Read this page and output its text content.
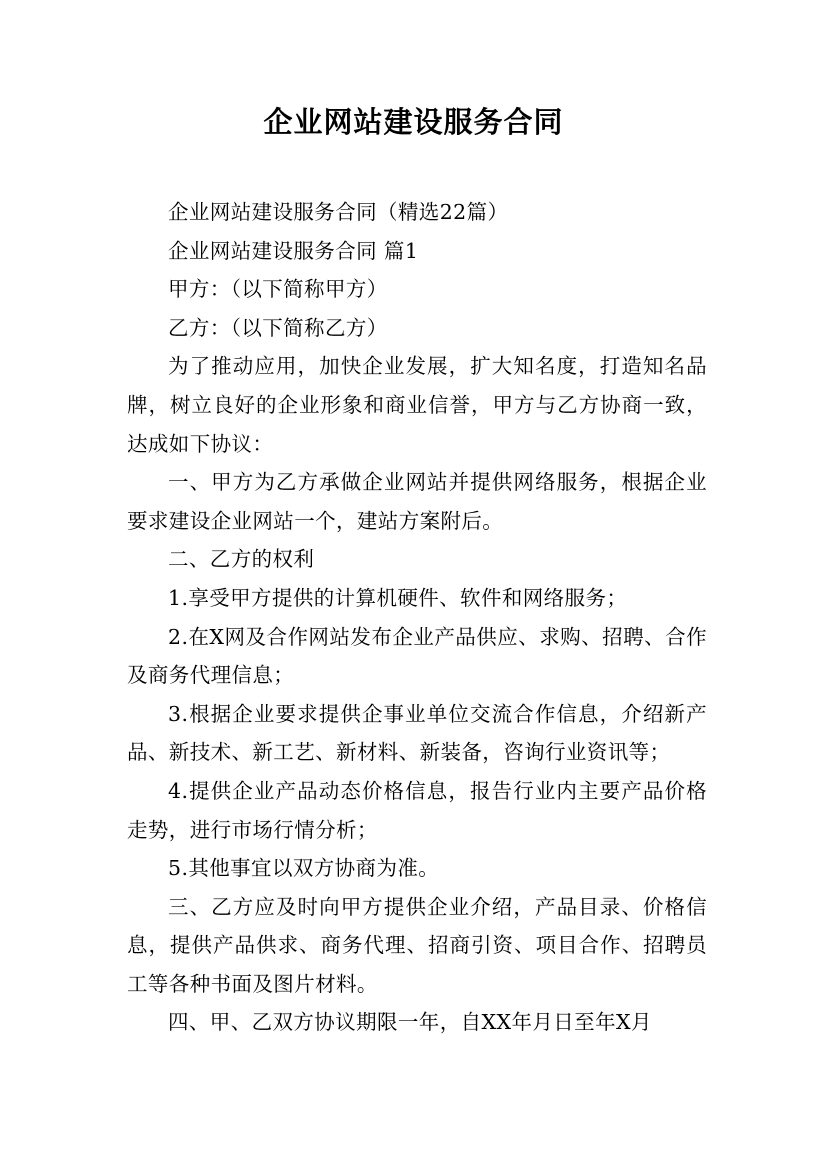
企业网站建设服务合同

企业网站建设服务合同（精选22篇）

企业网站建设服务合同 篇1

甲方：（以下简称甲方）

乙方：（以下简称乙方）

为了推动应用，加快企业发展，扩大知名度，打造知名品牌，树立良好的企业形象和商业信誉，甲方与乙方协商一致，达成如下协议：

一、甲方为乙方承做企业网站并提供网络服务，根据企业要求建设企业网站一个，建站方案附后。

二、乙方的权利

1.享受甲方提供的计算机硬件、软件和网络服务；

2.在X网及合作网站发布企业产品供应、求购、招聘、合作及商务代理信息；

3.根据企业要求提供企事业单位交流合作信息，介绍新产品、新技术、新工艺、新材料、新装备，咨询行业资讯等；

4.提供企业产品动态价格信息，报告行业内主要产品价格走势，进行市场行情分析；

5.其他事宜以双方协商为准。

三、乙方应及时向甲方提供企业介绍，产品目录、价格信息，提供产品供求、商务代理、招商引资、项目合作、招聘员工等各种书面及图片材料。

四、甲、乙双方协议期限一年，自XX年月日至年X月
